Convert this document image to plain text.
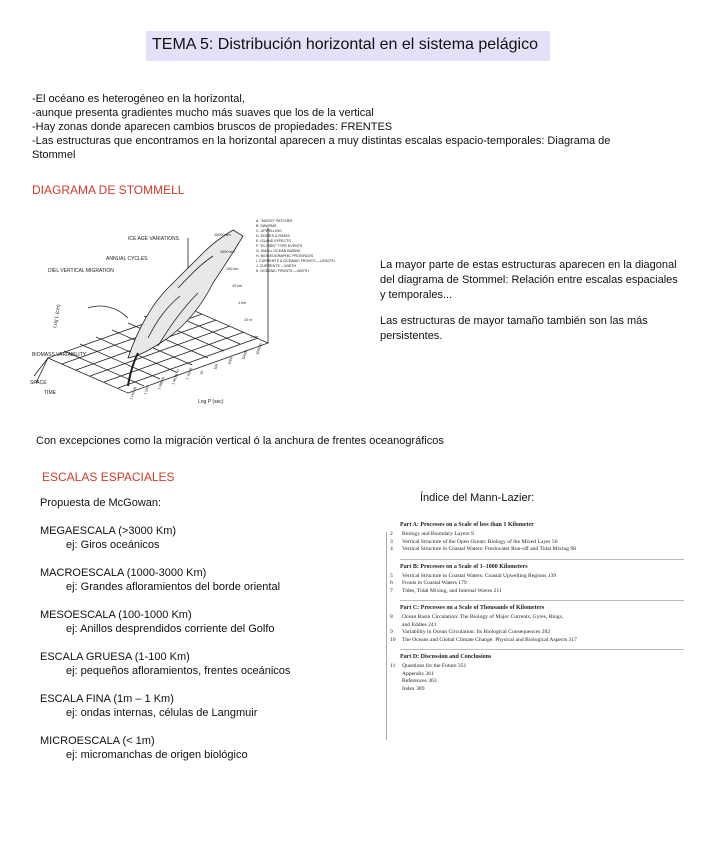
TEMA 5: Distribución horizontal en el sistema pelágico
-El océano es heterogéneo en la horizontal,
-aunque presenta gradientes mucho más suaves que los de la vertical
-Hay zonas donde aparecen cambios bruscos de propiedades: FRENTES
-Las estructuras que encontramos en la horizontal aparecen a muy distintas escalas espacio-temporales: Diagrama de Stommel
DIAGRAMA DE STOMMELL
ICE AGE VARIATIONS
ANNUAL CYCLES
DIEL VERTICAL MIGRATION
BIOMASS VARIABILITY
SPACE
TIME
Log L (cm)
Log P (sec)
A. "MICRO" PATCHES
B. SWARMS
C. UPWELLING
D. EDDIES & RINGS
E. ISLAND EFFECTS
F. "EL NIÑO" TYPE EVENTS
G. SMALL OCEAN BASINS
H. BIOGEOGRAPHIC PROVINCES
I. CURRENTS & OCEANIC FRONTS —LENGTH
J. CURRENTS —WIDTH
K. OCEANIC FRONTS —WIDTH
10000 km
1000 km
100 km
10 km
1 km
10 m
1 cm
1 HOUR 1 DAY 1 WEEK 1 MONTH 1 YEAR 10
100
1000
10000 100000
La mayor parte de estas estructuras aparecen en la diagonal del diagrama de Stommel: Relación entre escalas espaciales y temporales...
Las estructuras de mayor tamaño también son las más persistentes.
Con excepciones como la migración vertical ó la anchura de frentes oceanográficos
ESCALAS ESPACIALES
Propuesta de McGowan:
MEGAESCALA (>3000 Km)
ej: Giros oceánicos
MACROESCALA (1000-3000 Km)
ej: Grandes afloramientos del borde oriental
MESOESCALA (100-1000 Km)
ej: Anillos desprendidos corriente del Golfo
ESCALA GRUESA (1-100 Km)
ej: pequeños afloramientos, frentes oceánicos
ESCALA FINA (1m – 1 Km)
ej: ondas internas, células de Langmuir
MICROESCALA (< 1m)
ej: micromanchas de origen biológico
Índice del Mann-Lazier:
Part A: Processes on a Scale of less than 1 Kilometer
2	Biology and Boundary Layers 9
3	Vertical Structure of the Open Ocean: Biology of the Mixed Layer 56
4	Vertical Structure in Coastal Waters: Freshwater Run-off and Tidal Mixing 98
Part B: Processes on a Scale of 1–1000 Kilometers
5	Vertical Structure in Coastal Waters: Coastal Upwelling Regions 139
6	Fronts in Coastal Waters 179
7	Tides, Tidal Mixing, and Internal Waves 211
Part C: Processes on a Scale of Thousands of Kilometers
8	Ocean Basin Circulation: The Biology of Major Currents, Gyres, Rings,
and Eddies 241
9	Variability in Ocean Circulation: Its Biological Consequences 282
10	The Oceans and Global Climate Change: Physical and Biological Aspects 317
Part D: Discussion and Conclusions
11	Questions for the Future 351
Appendix 361
References 363
Index 389
